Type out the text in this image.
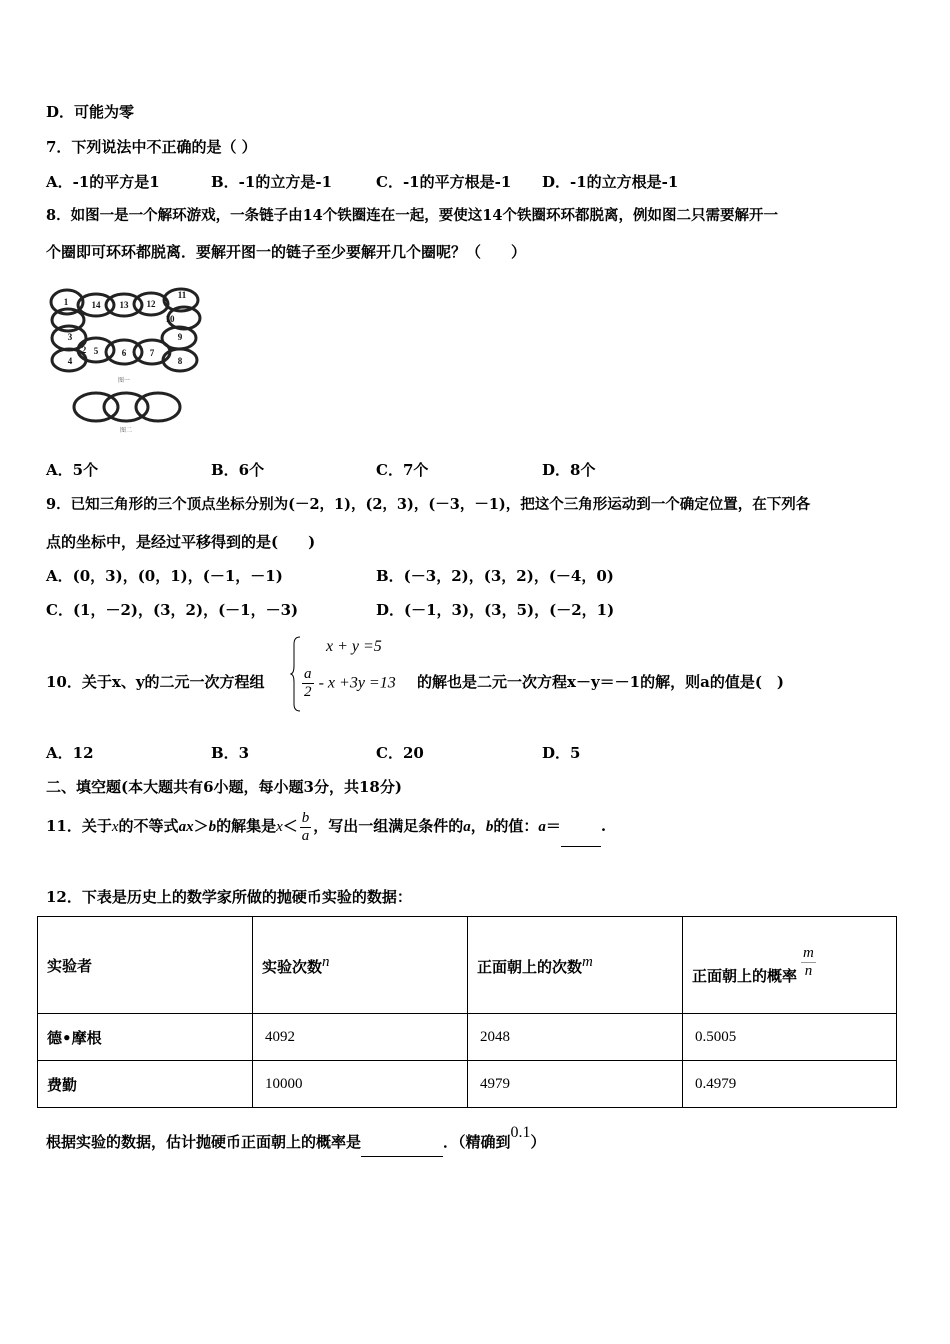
D．可能为零
7．下列说法中不正确的是（ ）
A．-1的平方是1	B．-1的立方是-1	C．-1的平方根是-1 D．-1的立方根是-1
8．如图一是一个解环游戏，一条链子由14个铁圈连在一起，要使这14个铁圈环环都脱离，例如图二只需要解开一
个圈即可环环都脱离．要解开图一的链子至少要解开几个圈呢？（　　）
1	14 13 12
11
10
3
2 5	6	7
9
4	8
图一
图二
A．5个	B．6个	C．7个	D．8个
9．已知三角形的三个顶点坐标分别为(－2，1)，(2，3)，(－3，－1)，把这个三角形运动到一个确定位置，在下列各
点的坐标中，是经过平移得到的是(　　)
A．(0，3)，(0，1)，(－1，－1)	B．(－3，2)，(3，2)，(－4，0)
C．(1，－2)，(3，2)，(－1，－3)	D．(－1，3)，(3，5)，(－2，1)
10．关于x、y的二元一次方程组
x + y =5
$\frac{a}{2} - x +3y =13$ 的解也是二元一次方程x－y＝－1的解，则a的值是(　)
A．12	B．3	C．20	D．5
二、填空题(本大题共有6小题，每小题3分，共18分)
11．关于x的不等式ax＞b的解集是$x< \frac{b}{a}$ ，写出一组满足条件的a，b的值：a＝	.
12．下表是历史上的数学家所做的抛硬币实验的数据：
实验者	实验次数n	正面朝上的次数m	正面朝上的概率 $\frac{m}{n}$

德•摩根	4092	2048	0.5005
费勤	10000	4979	0.4979
根据实验的数据，估计抛硬币正面朝上的概率是	．（精确到0.1）
